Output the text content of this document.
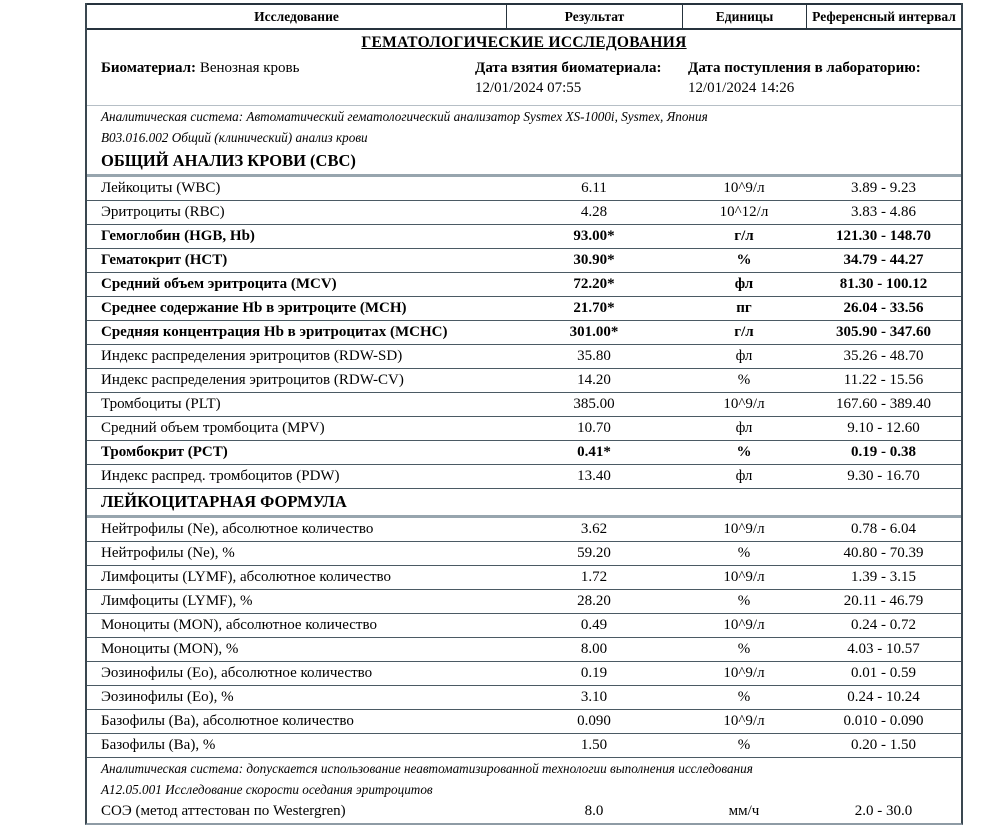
Исследование	Результат	Единицы	Референсный интервал
ГЕМАТОЛОГИЧЕСКИЕ ИССЛЕДОВАНИЯ
Биоматериал: Венозная кровь	Дата взятия биоматериала:
12/01/2024 07:55
Дата поступления в лабораторию:
12/01/2024 14:26
Аналитическая система: Автоматический гематологический анализатор Sysmex XS-1000i, Sysmex, Япония
В03.016.002 Общий (клинический) анализ крови
ОБЩИЙ АНАЛИЗ КРОВИ (CBC)
Лейкоциты (WBC)	6.11	10^9/л	3.89 - 9.23
Эритроциты (RBC)	4.28	10^12/л	3.83 - 4.86
Гемоглобин (HGB, Hb)	93.00*	г/л	121.30 - 148.70
Гематокрит (HCT)	30.90*	%	34.79 - 44.27
Средний объем эритроцита (MCV)	72.20*	фл	81.30 - 100.12
Среднее содержание Hb в эритроците (MCH)	21.70*	пг	26.04 - 33.56
Средняя концентрация Hb в эритроцитах (MCHC)	301.00*	г/л	305.90 - 347.60
Индекс распределения эритроцитов (RDW-SD)	35.80	фл	35.26 - 48.70
Индекс распределения эритроцитов (RDW-CV)	14.20	%	11.22 - 15.56
Тромбоциты (PLT)	385.00	10^9/л	167.60 - 389.40
Средний объем тромбоцита (MPV)	10.70	фл	9.10 - 12.60
Тромбокрит (PCT)	0.41*	%	0.19 - 0.38
Индекс распред. тромбоцитов (PDW)	13.40	фл	9.30 - 16.70
ЛЕЙКОЦИТАРНАЯ ФОРМУЛА
Нейтрофилы (Ne), абсолютное количество	3.62	10^9/л	0.78 - 6.04
Нейтрофилы (Ne), %	59.20	%	40.80 - 70.39
Лимфоциты (LYMF), абсолютное количество	1.72	10^9/л	1.39 - 3.15
Лимфоциты (LYMF), %	28.20	%	20.11 - 46.79
Моноциты (MON), абсолютное количество	0.49	10^9/л	0.24 - 0.72
Моноциты (MON), %	8.00	%	4.03 - 10.57
Эозинофилы (Eo), абсолютное количество	0.19	10^9/л	0.01 - 0.59
Эозинофилы (Eo), %	3.10	%	0.24 - 10.24
Базофилы (Ba), абсолютное количество	0.090	10^9/л	0.010 - 0.090
Базофилы (Ba), %	1.50	%	0.20 - 1.50
Аналитическая система: допускается использование неавтоматизированной технологии выполнения исследования
А12.05.001 Исследование скорости оседания эритроцитов
СОЭ (метод аттестован по Westergren)	8.0	мм/ч	2.0 - 30.0
